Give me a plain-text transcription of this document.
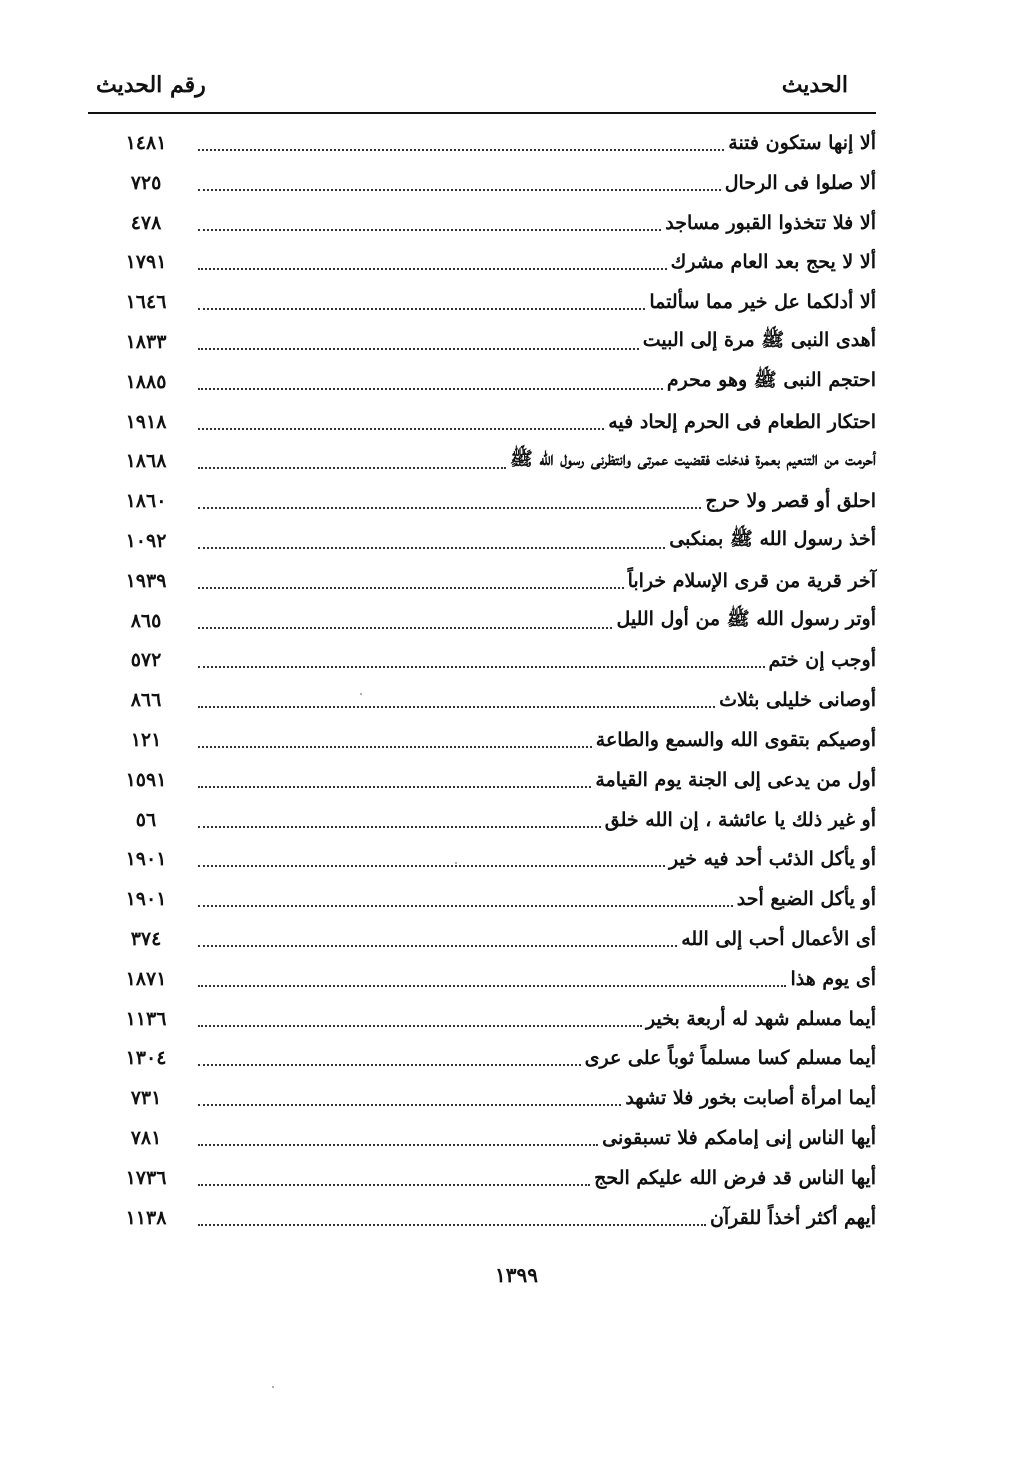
الحديث
رقم الحديث
ألا إنها ستكون فتنة
١٤٨١
ألا صلوا فى الرحال
٧٢٥
ألا فلا تتخذوا القبور مساجد
٤٧٨
ألا لا يحج بعد العام مشرك
١٧٩١
ألا أدلكما عل خير مما سألتما
١٦٤٦
أهدى النبى ﷺ مرة إلى البيت
١٨٣٣
احتجم النبى ﷺ وهو محرم
١٨٨٥
احتكار الطعام فى الحرم إلحاد فيه
١٩١٨
أحرمت من التنعيم بعمرة فدخلت فقضيت عمرتى وانتظرنى رسول الله ﷺ
١٨٦٨
احلق أو قصر ولا حرج
١٨٦٠
أخذ رسول الله ﷺ بمنكبى
١٠٩٢
آخر قرية من قرى الإسلام خراباً
١٩٣٩
أوتر رسول الله ﷺ من أول الليل
٨٦٥
أوجب إن ختم
٥٧٢
أوصانى خليلى بثلاث
٨٦٦
أوصيكم بتقوى الله والسمع والطاعة
١٢١
أول من يدعى إلى الجنة يوم القيامة
١٥٩١
أو غير ذلك يا عائشة ، إن الله خلق
٥٦
أو يأكل الذئب أحد فيه خير
١٩٠١
أو يأكل الضبع أحد
١٩٠١
أى الأعمال أحب إلى الله
٣٧٤
أى يوم هذا
١٨٧١
أيما مسلم شهد له أربعة بخير
١١٣٦
أيما مسلم كسا مسلماً ثوباً على عرى
١٣٠٤
أيما امرأة أصابت بخور فلا تشهد
٧٣١
أيها الناس إنى إمامكم فلا تسبقونى
٧٨١
أيها الناس قد فرض الله عليكم الحج
١٧٣٦
أيهم أكثر أخذاً للقرآن
١١٣٨
١٣٩٩
